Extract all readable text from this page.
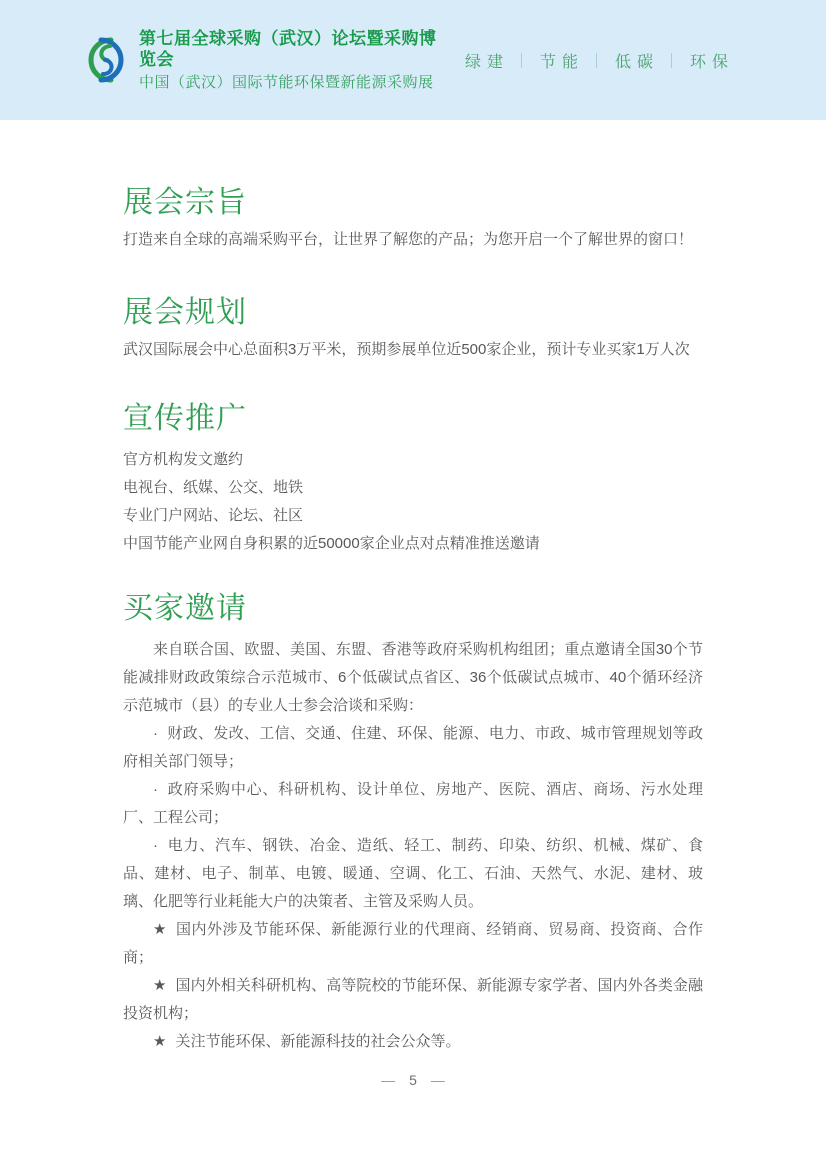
第七届全球采购（武汉）论坛暨采购博览会
中国（武汉）国际节能环保暨新能源采购展
绿建	节能	低碳	环保
展会宗旨

打造来自全球的高端采购平台，让世界了解您的产品；为您开启一个了解世界的窗口！

展会规划

武汉国际展会中心总面积3万平米，预期参展单位近500家企业，预计专业买家1万人次

宣传推广

官方机构发文邀约

电视台、纸媒、公交、地铁

专业门户网站、论坛、社区

中国节能产业网自身积累的近50000家企业点对点精准推送邀请

买家邀请

来自联合国、欧盟、美国、东盟、香港等政府采购机构组团；重点邀请全国30个节能减排财政政策综合示范城市、6个低碳试点省区、36个低碳试点城市、40个循环经济示范城市（县）的专业人士参会洽谈和采购：

· 财政、发改、工信、交通、住建、环保、能源、电力、市政、城市管理规划等政府相关部门领导；

· 政府采购中心、科研机构、设计单位、房地产、医院、酒店、商场、污水处理厂、工程公司；

· 电力、汽车、钢铁、冶金、造纸、轻工、制药、印染、纺织、机械、煤矿、食品、建材、电子、制革、电镀、暖通、空调、化工、石油、天然气、水泥、建材、玻璃、化肥等行业耗能大户的决策者、主管及采购人员。

★ 国内外涉及节能环保、新能源行业的代理商、经销商、贸易商、投资商、合作商；

★ 国内外相关科研机构、高等院校的节能环保、新能源专家学者、国内外各类金融投资机构；

★ 关注节能环保、新能源科技的社会公众等。

— 5 —
